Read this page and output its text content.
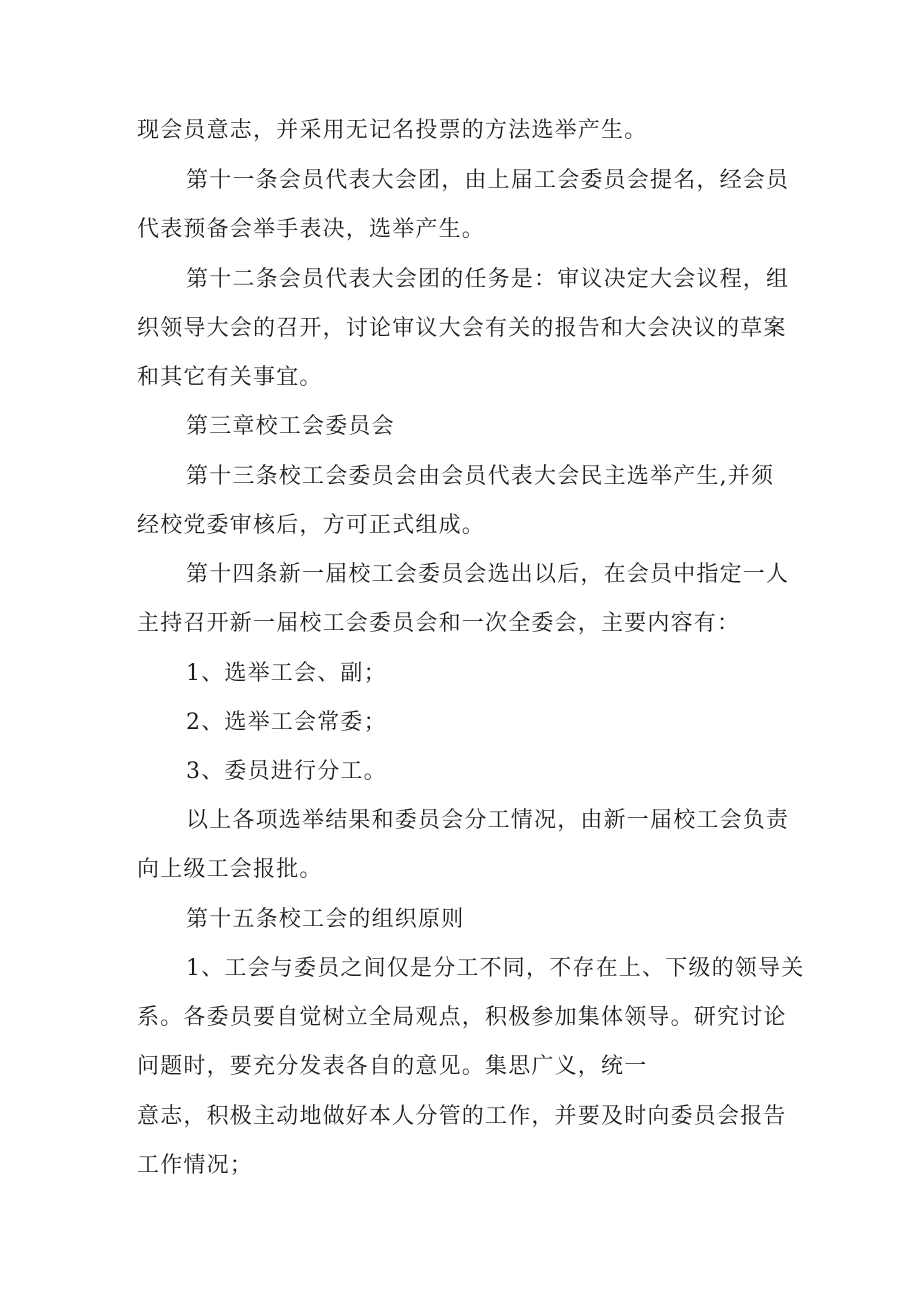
现会员意志，并采用无记名投票的方法选举产生。
第十一条会员代表大会团，由上届工会委员会提名，经会员
代表预备会举手表决，选举产生。
第十二条会员代表大会团的任务是：审议决定大会议程，组
织领导大会的召开，讨论审议大会有关的报告和大会决议的草案
和其它有关事宜。
第三章校工会委员会
第十三条校工会委员会由会员代表大会民主选举产生,并须
经校党委审核后，方可正式组成。
第十四条新一届校工会委员会选出以后，在会员中指定一人
主持召开新一届校工会委员会和一次全委会，主要内容有：
1、选举工会、副；
2、选举工会常委；
3、委员进行分工。
以上各项选举结果和委员会分工情况，由新一届校工会负责
向上级工会报批。
第十五条校工会的组织原则
1、工会与委员之间仅是分工不同，不存在上、下级的领导关
系。各委员要自觉树立全局观点，积极参加集体领导。研究讨论
问题时，要充分发表各自的意见。集思广义，统一
意志，积极主动地做好本人分管的工作，并要及时向委员会报告
工作情况；
